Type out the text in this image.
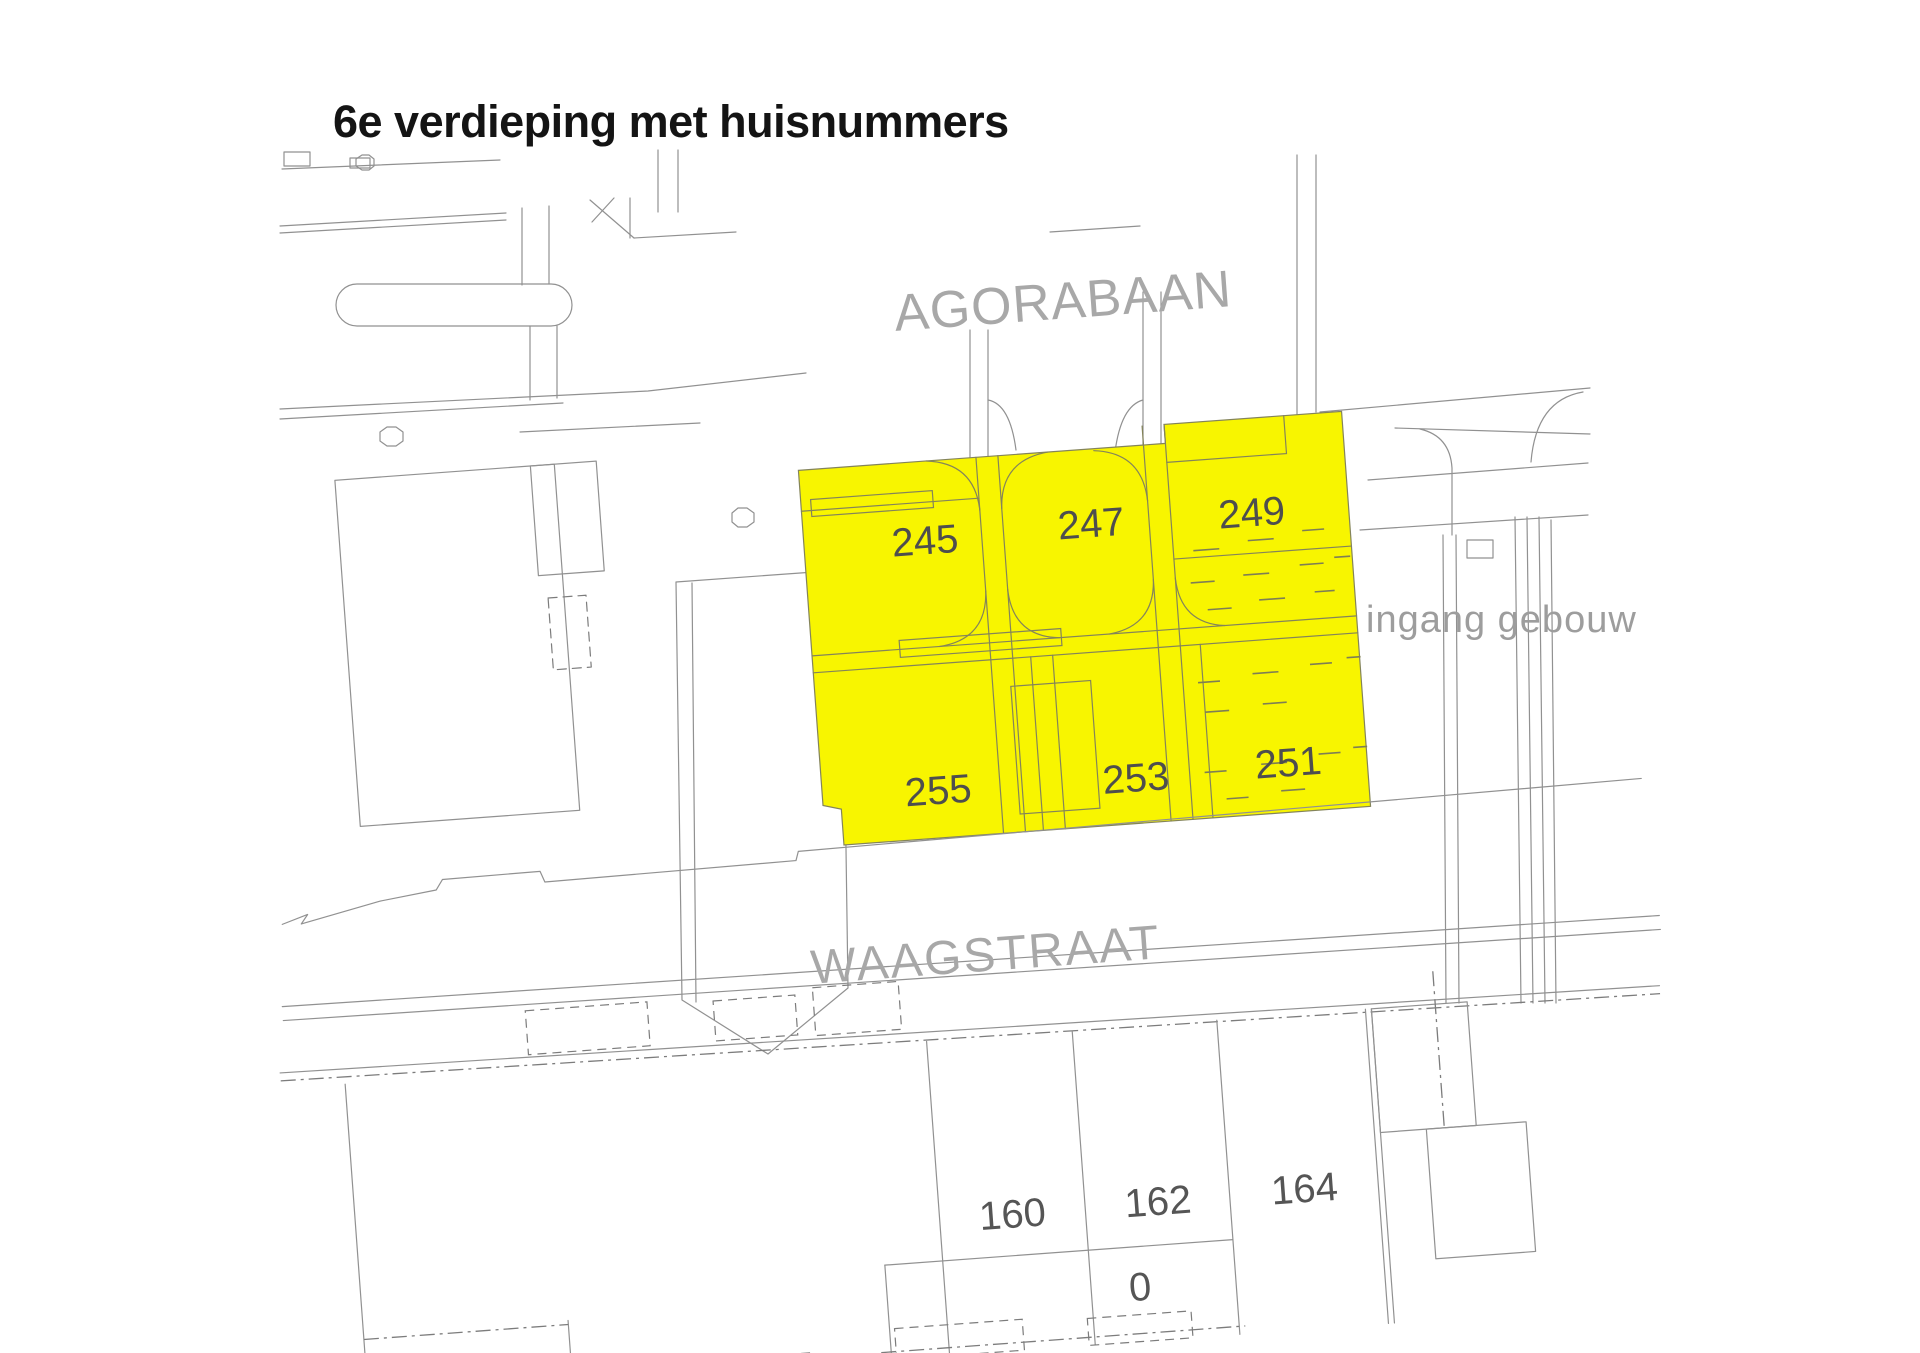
6e verdieping met huisnummers
245 247 249
255	253 251
AGORABAAN
WAAGSTRAAT
160 162 164
0
ingang gebouw
